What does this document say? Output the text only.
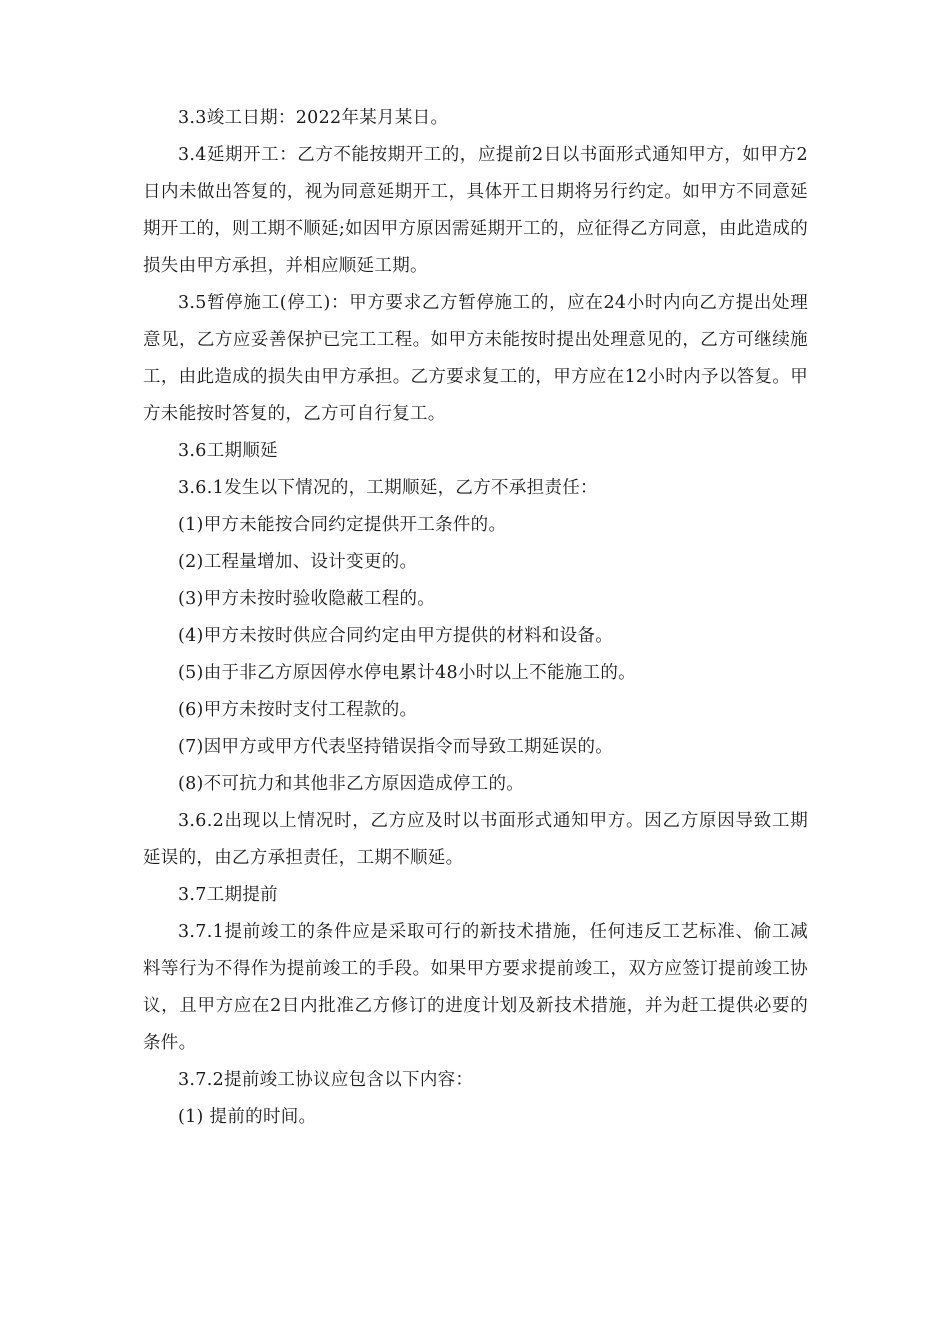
3.3竣工日期：2022年某月某日。

3.4延期开工：乙方不能按期开工的，应提前2日以书面形式通知甲方，如甲方2日内未做出答复的，视为同意延期开工，具体开工日期将另行约定。如甲方不同意延期开工的，则工期不顺延;如因甲方原因需延期开工的，应征得乙方同意，由此造成的损失由甲方承担，并相应顺延工期。

3.5暂停施工(停工)：甲方要求乙方暂停施工的，应在24小时内向乙方提出处理意见，乙方应妥善保护已完工工程。如甲方未能按时提出处理意见的，乙方可继续施工，由此造成的损失由甲方承担。乙方要求复工的，甲方应在12小时内予以答复。甲方未能按时答复的，乙方可自行复工。

3.6工期顺延

3.6.1发生以下情况的，工期顺延，乙方不承担责任：

(1)甲方未能按合同约定提供开工条件的。

(2)工程量增加、设计变更的。

(3)甲方未按时验收隐蔽工程的。

(4)甲方未按时供应合同约定由甲方提供的材料和设备。

(5)由于非乙方原因停水停电累计48小时以上不能施工的。

(6)甲方未按时支付工程款的。

(7)因甲方或甲方代表坚持错误指令而导致工期延误的。

(8)不可抗力和其他非乙方原因造成停工的。

3.6.2出现以上情况时，乙方应及时以书面形式通知甲方。因乙方原因导致工期延误的，由乙方承担责任，工期不顺延。

3.7工期提前

3.7.1提前竣工的条件应是采取可行的新技术措施，任何违反工艺标准、偷工减料等行为不得作为提前竣工的手段。如果甲方要求提前竣工，双方应签订提前竣工协议，且甲方应在2日内批准乙方修订的进度计划及新技术措施，并为赶工提供必要的条件。

3.7.2提前竣工协议应包含以下内容：

(1) 提前的时间。
